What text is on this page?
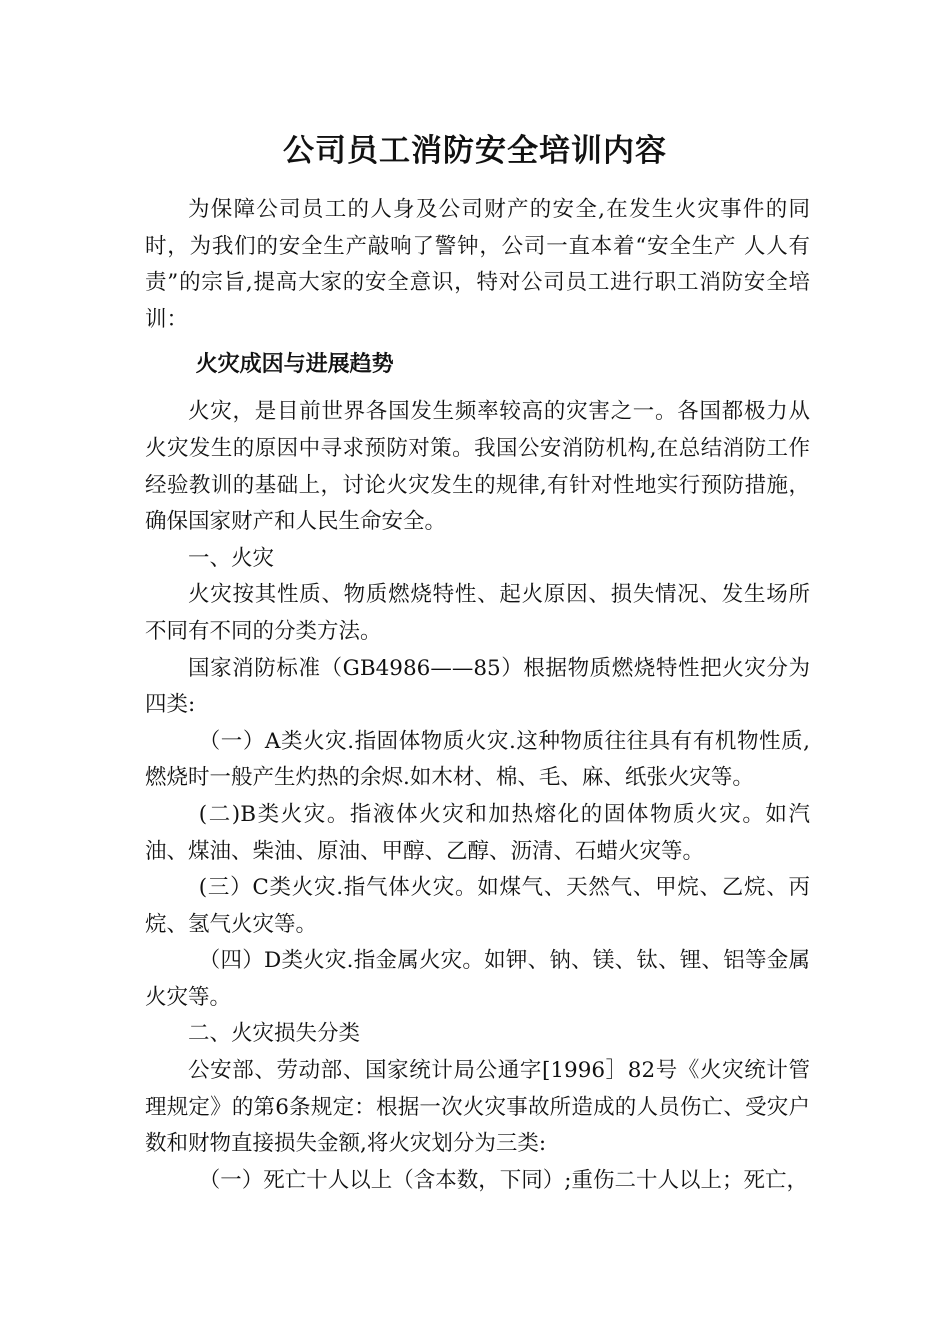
公司员工消防安全培训内容

为保障公司员工的人身及公司财产的安全,在发生火灾事件的同时，为我们的安全生产敲响了警钟，公司一直本着“安全生产 人人有责”的宗旨,提高大家的安全意识，特对公司员工进行职工消防安全培训：

火灾成因与进展趋势

火灾，是目前世界各国发生频率较高的灾害之一。各国都极力从火灾发生的原因中寻求预防对策。我国公安消防机构,在总结消防工作经验教训的基础上，讨论火灾发生的规律,有针对性地实行预防措施，确保国家财产和人民生命安全。

一、火灾

火灾按其性质、物质燃烧特性、起火原因、损失情况、发生场所不同有不同的分类方法。

国家消防标准（GB4986——85）根据物质燃烧特性把火灾分为四类:

（一）A类火灾.指固体物质火灾.这种物质往往具有有机物性质,燃烧时一般产生灼热的余烬.如木材、棉、毛、麻、纸张火灾等。

(二)B类火灾。指液体火灾和加热熔化的固体物质火灾。如汽油、煤油、柴油、原油、甲醇、乙醇、沥清、石蜡火灾等。

(三）C类火灾.指气体火灾。如煤气、天然气、甲烷、乙烷、丙烷、氢气火灾等。

（四）D类火灾.指金属火灾。如钾、钠、镁、钛、锂、铝等金属火灾等。

二、火灾损失分类

公安部、劳动部、国家统计局公通字[1996］82号《火灾统计管理规定》的第6条规定：根据一次火灾事故所造成的人员伤亡、受灾户数和财物直接损失金额,将火灾划分为三类:

（一）死亡十人以上（含本数，下同）;重伤二十人以上；死亡，
